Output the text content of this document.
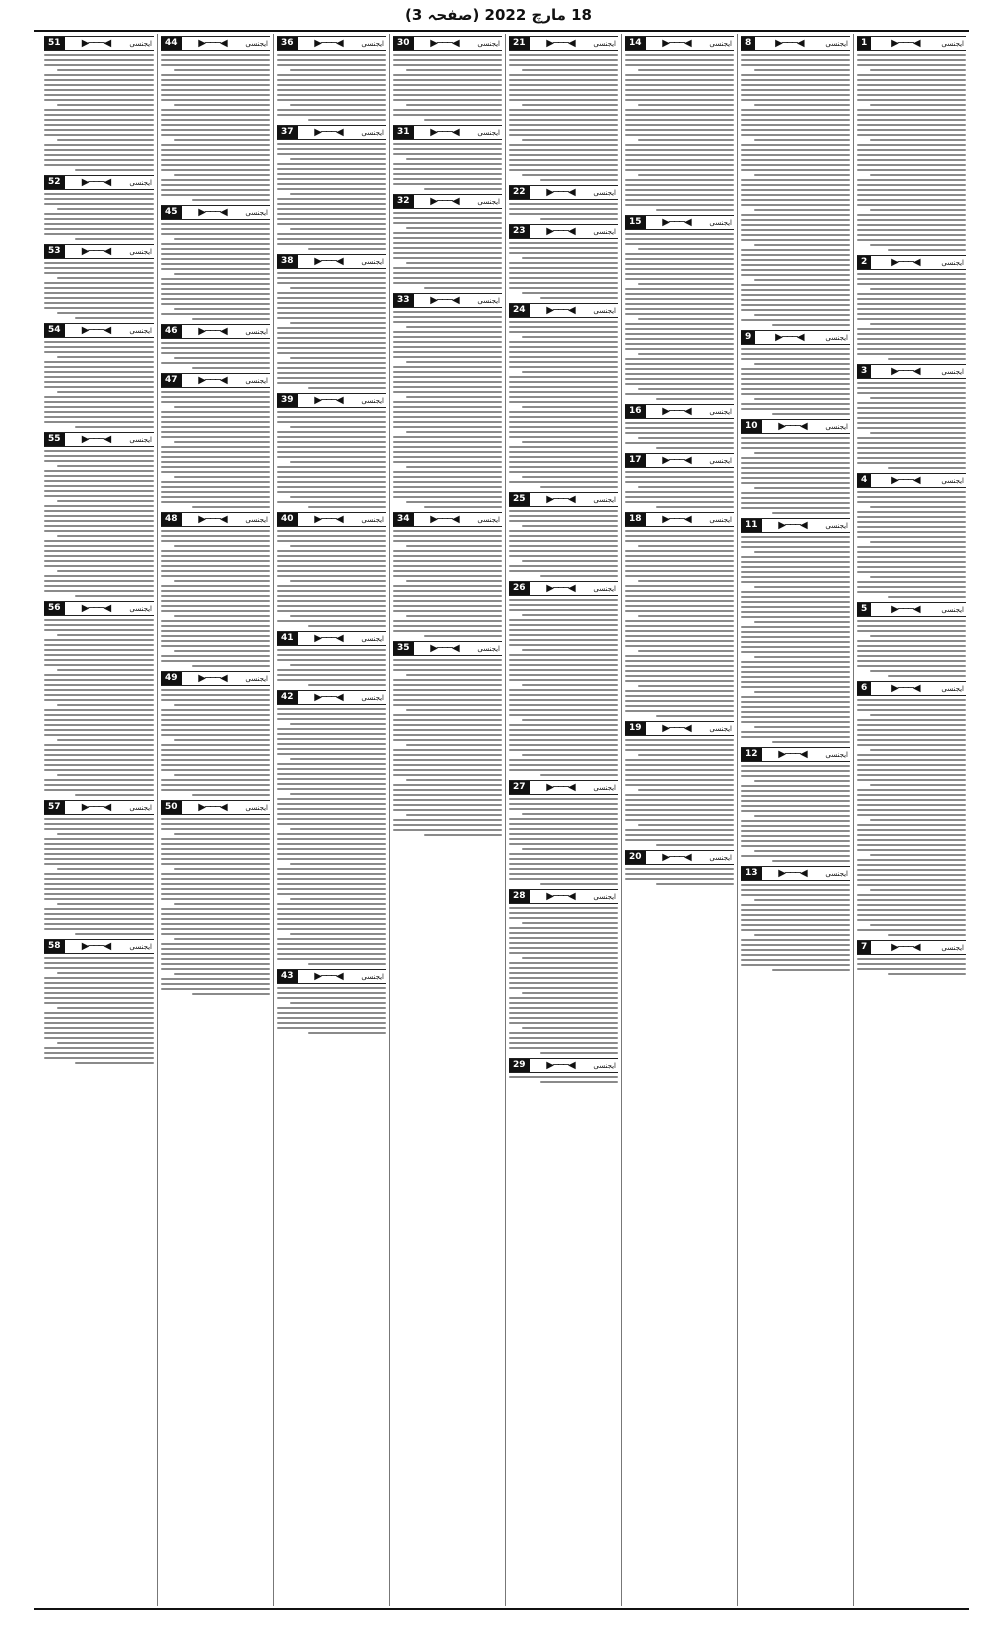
18 مارچ 2022 (صفحہ 3)
ایجنسی
◀───▶
1
ایجنسی
◀───▶
2
ایجنسی
◀───▶
3
ایجنسی
◀───▶
4
ایجنسی
◀───▶
5
ایجنسی
◀───▶
6
ایجنسی
◀───▶
7
ایجنسی
◀───▶
8
ایجنسی
◀───▶
9
ایجنسی
◀───▶
10
ایجنسی
◀───▶
11
ایجنسی
◀───▶
12
ایجنسی
◀───▶
13
ایجنسی
◀───▶
14
ایجنسی
◀───▶
15
ایجنسی
◀───▶
16
ایجنسی
◀───▶
17
ایجنسی
◀───▶
18
ایجنسی
◀───▶
19
ایجنسی
◀───▶
20
ایجنسی
◀───▶
21
ایجنسی
◀───▶
22
ایجنسی
◀───▶
23
ایجنسی
◀───▶
24
ایجنسی
◀───▶
25
ایجنسی
◀───▶
26
ایجنسی
◀───▶
27
ایجنسی
◀───▶
28
ایجنسی
◀───▶
29
ایجنسی
◀───▶
30
ایجنسی
◀───▶
31
ایجنسی
◀───▶
32
ایجنسی
◀───▶
33
ایجنسی
◀───▶
34
ایجنسی
◀───▶
35
ایجنسی
◀───▶
36
ایجنسی
◀───▶
37
ایجنسی
◀───▶
38
ایجنسی
◀───▶
39
ایجنسی
◀───▶
40
ایجنسی
◀───▶
41
ایجنسی
◀───▶
42
ایجنسی
◀───▶
43
ایجنسی
◀───▶
44
ایجنسی
◀───▶
45
ایجنسی
◀───▶
46
ایجنسی
◀───▶
47
ایجنسی
◀───▶
48
ایجنسی
◀───▶
49
ایجنسی
◀───▶
50
ایجنسی
◀───▶
51
ایجنسی
◀───▶
52
ایجنسی
◀───▶
53
ایجنسی
◀───▶
54
ایجنسی
◀───▶
55
ایجنسی
◀───▶
56
ایجنسی
◀───▶
57
ایجنسی
◀───▶
58
